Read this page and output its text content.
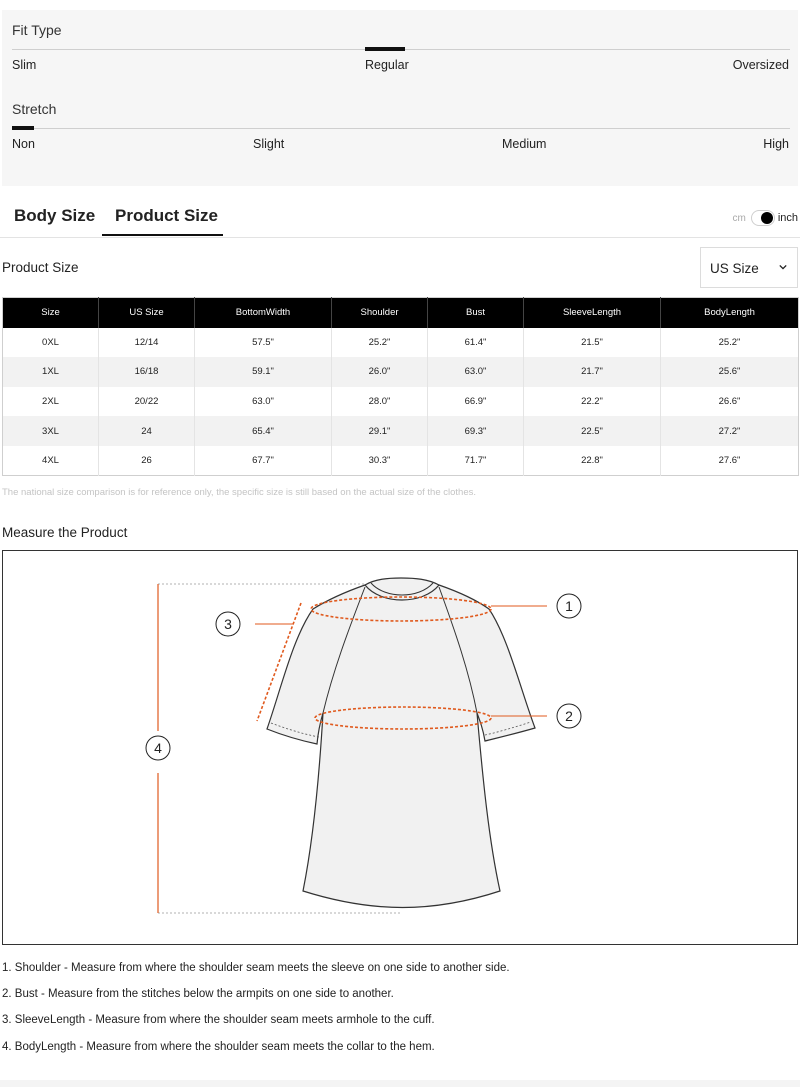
Fit Type
Slim	Regular	Oversized
Stretch
Non	Slight	Medium	High
Body Size Product Size	cm	inch
Product Size	US Size
Size	US Size	BottomWidth	Shoulder	Bust	SleeveLength	BodyLength
0XL	12/14	57.5"	25.2"	61.4"	21.5"	25.2"
1XL	16/18	59.1"	26.0"	63.0"	21.7"	25.6"
2XL	20/22	63.0"	28.0"	66.9"	22.2"	26.6"
3XL	24	65.4"	29.1"	69.3"	22.5"	27.2"
4XL	26	67.7"	30.3"	71.7"	22.8"	27.6"
The national size comparison is for reference only, the specific size is still based on the actual size of the clothes.
Measure the Product
1
2
3
4
1. Shoulder - Measure from where the shoulder seam meets the sleeve on one side to another side.
2. Bust - Measure from the stitches below the armpits on one side to another.
3. SleeveLength - Measure from where the shoulder seam meets armhole to the cuff.
4. BodyLength - Measure from where the shoulder seam meets the collar to the hem.
